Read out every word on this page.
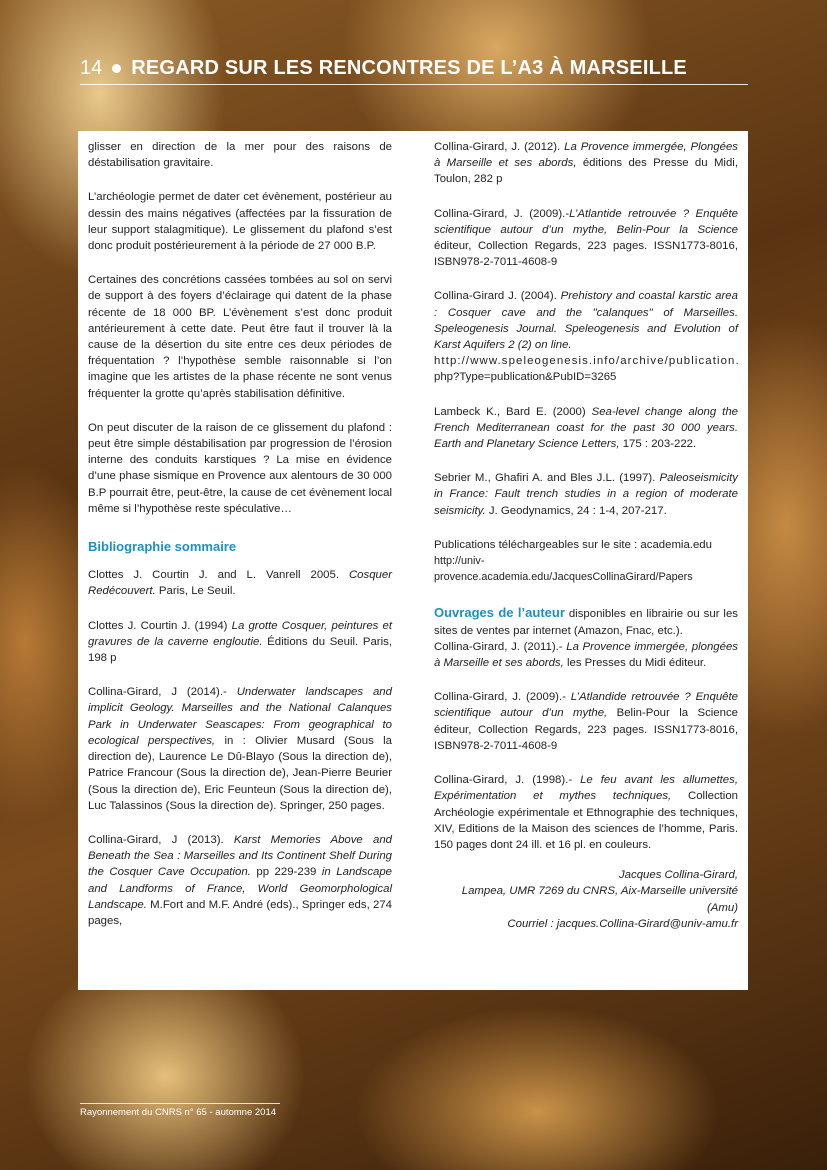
14 REGARD SUR LES RENCONTRES DE L’A3 À MARSEILLE

glisser en direction de la mer pour des raisons de déstabilisation gravitaire.

L’archéologie permet de dater cet évènement, postérieur au dessin des mains négatives (affectées par la fissuration de leur support stalagmitique). Le glissement du plafond s’est donc produit postérieurement à la période de 27 000 B.P.

Certaines des concrétions cassées tombées au sol on servi de support à des foyers d’éclairage qui datent de la phase récente de 18 000 BP. L’évènement s’est donc produit antérieurement à cette date. Peut être faut il trouver là la cause de la désertion du site entre ces deux périodes de fréquentation ? l’hypothèse semble raisonnable si l’on imagine que les artistes de la phase récente ne sont venus fréquenter la grotte qu’après stabilisation définitive.

On peut discuter de la raison de ce glissement du plafond : peut être simple déstabilisation par progression de l’érosion interne des conduits karstiques ? La mise en évidence d’une phase sismique en Provence aux alentours de 30 000 B.P pourrait être, peut-être, la cause de cet évènement local même si l’hypothèse reste spéculative…

Bibliographie sommaire

Clottes J. Courtin J. and L. Vanrell 2005. Cosquer Redécouvert. Paris, Le Seuil.

Clottes J. Courtin J. (1994) La grotte Cosquer, peintures et gravures de la caverne engloutie. Éditions du Seuil. Paris, 198 p

Collina-Girard, J (2014).- Underwater landscapes and implicit Geology. Marseilles and the National Calanques Park in Underwater Seascapes: From geographical to ecological perspectives, in : Olivier Musard (Sous la direction de), Laurence Le Dû-Blayo (Sous la direction de), Patrice Francour (Sous la direction de), Jean-Pierre Beurier (Sous la direction de), Eric Feunteun (Sous la direction de), Luc Talassinos (Sous la direction de). Springer, 250 pages.

Collina-Girard, J (2013). Karst Memories Above and Beneath the Sea : Marseilles and Its Continent Shelf During the Cosquer Cave Occupation. pp 229-239 in Landscape and Landforms of France, World Geomorphological Landscape. M.Fort and M.F. André (eds)., Springer eds, 274 pages,

Collina-Girard, J. (2012). La Provence immergée, Plongées à Marseille et ses abords, éditions des Presse du Midi, Toulon, 282 p

Collina-Girard, J. (2009).-L’Atlantide retrouvée ? Enquête scientifique autour d’un mythe, Belin-Pour la Science éditeur, Collection Regards, 223 pages. ISSN1773-8016, ISBN978-2-7011-4608-9

Collina-Girard J. (2004). Prehistory and coastal karstic area : Cosquer cave and the "calanques" of Marseilles. Speleogenesis Journal. Speleogenesis and Evolution of Karst Aquifers 2 (2) on line.
http://www.speleogenesis.info/archive/publication.
php?Type=publication&PubID=3265

Lambeck K., Bard E. (2000) Sea-level change along the French Mediterranean coast for the past 30 000 years. Earth and Planetary Science Letters, 175 : 203-222.

Sebrier M., Ghafiri A. and Bles J.L. (1997). Paleoseismicity in France: Fault trench studies in a region of moderate seismicity. J. Geodynamics, 24 : 1-4, 207-217.

Publications téléchargeables sur le site : academia.edu
http://univ-provence.academia.edu/JacquesCollinaGirard/Papers

Ouvrages de l’auteur disponibles en librairie ou sur les sites de ventes par internet (Amazon, Fnac, etc.).

Collina-Girard, J. (2011).- La Provence immergée, plongées à Marseille et ses abords, les Presses du Midi éditeur.

Collina-Girard, J. (2009).- L’Atlandide retrouvée ? Enquête scientifique autour d’un mythe, Belin-Pour la Science éditeur, Collection Regards, 223 pages. ISSN1773-8016, ISBN978-2-7011-4608-9

Collina-Girard, J. (1998).- Le feu avant les allumettes, Expérimentation et mythes techniques, Collection Archéologie expérimentale et Ethnographie des techniques, XIV, Editions de la Maison des sciences de l’homme, Paris. 150 pages dont 24 ill. et 16 pl. en couleurs.

Jacques Collina-Girard,
Lampea, UMR 7269 du CNRS, Aix-Marseille université (Amu)
Courriel : jacques.Collina-Girard@univ-amu.fr
Rayonnement du CNRS n° 65 - automne 2014
